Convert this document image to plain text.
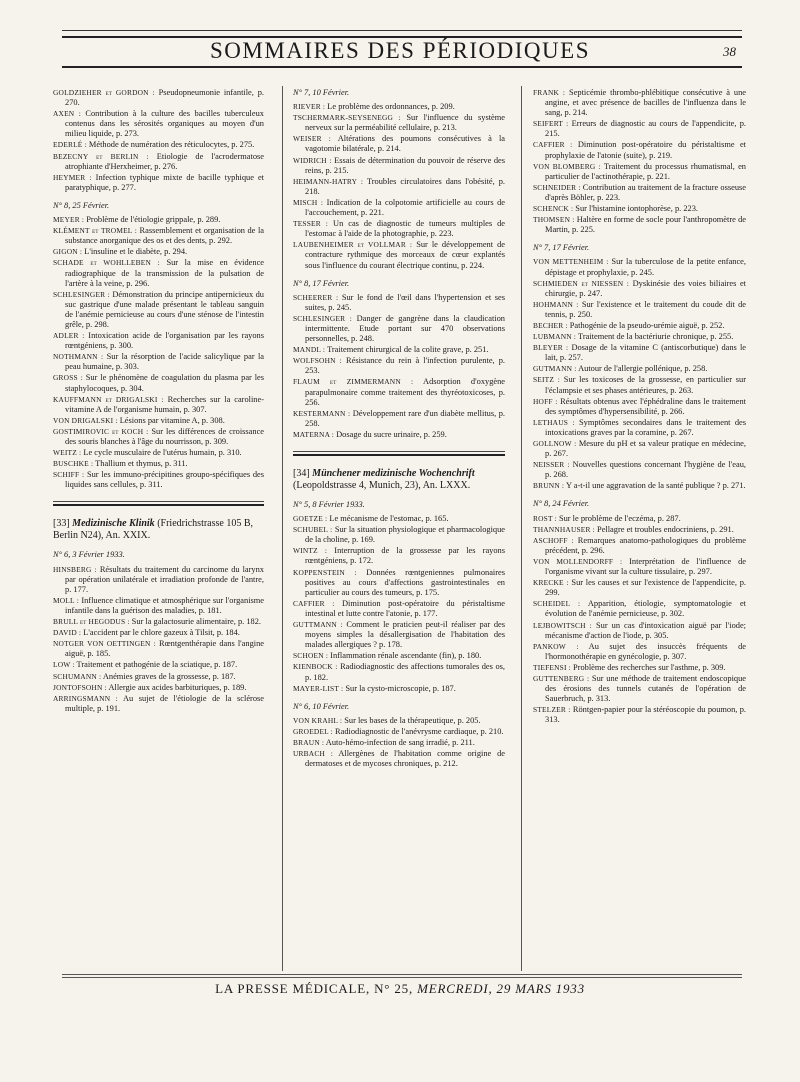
SOMMAIRES DES PÉRIODIQUES	38
GOLDZIEHER et GORDON : Pseudopneumonie infantile, p. 270.
AXEN : Contribution à la culture des bacilles tuberculeux contenus dans les sérosités organiques au moyen d'un milieu liquide, p. 273.
EDERLÉ : Méthode de numération des réticulocytes, p. 275.
BEZECNY et BERLIN : Etiologie de l'acrodermatose atrophiante d'Herxheimer, p. 276.
HEYMER : Infection typhique mixte de bacille typhique et paratyphique, p. 277.
N° 8, 25 Février.
MEYER : Problème de l'étiologie grippale, p. 289.
KLÉMENT et TROMEL : Rassemblement et organisation de la substance anorganique des os et des dents, p. 292.
GIGON : L'insuline et le diabète, p. 294.
SCHADE et WOHLLEBEN : Sur la mise en évidence radiographique de la transmission de la pulsation de l'artère à la veine, p. 296.
SCHLESINGER : Démonstration du principe antipernicieux du suc gastrique d'une malade présentant le tableau sanguin de l'anémie pernicieuse au cours d'une sténose de l'intestin grêle, p. 298.
ADLER : Intoxication acide de l'organisation par les rayons rœntgéniens, p. 300.
NOTHMANN : Sur la résorption de l'acide salicylique par la peau humaine, p. 303.
GROSS : Sur le phénomène de coagulation du plasma par les staphylocoques, p. 304.
KAUFFMANN et DRIGALSKI : Recherches sur la caroline-vitamine A de l'organisme humain, p. 307.
VON DRIGALSKI : Lésions par vitamine A, p. 308.
GOSTIMIROVIC et KOCH : Sur les différences de croissance des souris blanches à l'âge du nourrisson, p. 309.
WEITZ : Le cycle musculaire de l'utérus humain, p. 310.
BUSCHKE : Thallium et thymus, p. 311.
SCHIFF : Sur les immuno-précipitines groupo-spécifiques des liquides sans cellules, p. 311.
[33] Medizinische Klinik (Friedrichstrasse 105 B, Berlin N24), An. XXIX.
N° 6, 3 Février 1933.
HINSBERG : Résultats du traitement du carcinome du larynx par opération unilatérale et irradiation profonde de l'antre, p. 177.
MOLL : Influence climatique et atmosphérique sur l'organisme infantile dans la guérison des maladies, p. 181.
BRULL et HEGODUS : Sur la galactosurie alimentaire, p. 182.
DAVID : L'accident par le chlore gazeux à Tilsit, p. 184.
NOTGER VON OETTINGEN : Rœntgenthérapie dans l'angine aiguë, p. 185.
LOW : Traitement et pathogénie de la sciatique, p. 187.
SCHUMANN : Anémies graves de la grossesse, p. 187.
JONTOFSOHN : Allergie aux acides barbituriques, p. 189.
ARRINGSMANN : Au sujet de l'étiologie de la sclérose multiple, p. 191.
N° 7, 10 Février.
RIEVER : Le problème des ordonnances, p. 209.
TSCHERMARK-SEYSENEGG : Sur l'influence du système nerveux sur la perméabilité cellulaire, p. 213.
WEISER : Altérations des poumons consécutives à la vagotomie bilatérale, p. 214.
WIDRICH : Essais de détermination du pouvoir de réserve des reins, p. 215.
HEIMANN-HATRY : Troubles circulatoires dans l'obésité, p. 218.
MISCH : Indication de la colpotomie artificielle au cours de l'accouchement, p. 221.
TESSER : Un cas de diagnostic de tumeurs multiples de l'estomac à l'aide de la photographie, p. 223.
LAUBENHEIMER et VOLLMAR : Sur le développement de contracture rythmique des morceaux de cœur explantés sous l'influence du courant électrique continu, p. 224.
N° 8, 17 Février.
SCHEERER : Sur le fond de l'œil dans l'hypertension et ses suites, p. 245.
SCHLESINGER : Danger de gangrène dans la claudication intermittente. Etude portant sur 470 observations personnelles, p. 248.
MANDL : Traitement chirurgical de la colite grave, p. 251.
WOLFSOHN : Résistance du rein à l'infection purulente, p. 253.
FLAUM et ZIMMERMANN : Adsorption d'oxygène parapulmonaire comme traitement des thyréotoxicoses, p. 256.
KESTERMANN : Développement rare d'un diabète mellitus, p. 258.
MATERNA : Dosage du sucre urinaire, p. 259.
[34] Münchener medizinische Wochenchrift (Leopoldstrasse 4, Munich, 23), An. LXXX.
N° 5, 8 Février 1933.
GOETZE : Le mécanisme de l'estomac, p. 165.
SCHUBEL : Sur la situation physiologique et pharmacologique de la choline, p. 169.
WINTZ : Interruption de la grossesse par les rayons rœntgéniens, p. 172.
KOPPENSTEIN : Données rœntgeniennes pulmonaires positives au cours d'affections gastrointestinales en particulier au cours des tumeurs, p. 175.
CAFFIER : Diminution post-opératoire du péristaltisme intestinal et lutte contre l'atonie, p. 177.
GUTTMANN : Comment le praticien peut-il réaliser par des moyens simples la désallergisation de l'habitation des malades allergiques ? p. 178.
SCHOEN : Inflammation rénale ascendante (fin), p. 180.
KIENBOCK : Radiodiagnostic des affections tumorales des os, p. 182.
MAYER-LIST : Sur la cysto-microscopie, p. 187.
N° 6, 10 Février.
VON KRAHL : Sur les bases de la thérapeutique, p. 205.
GROEDEL : Radiodiagnostic de l'anévrysme cardiaque, p. 210.
BRAUN : Auto-hémo-infection de sang irradié, p. 211.
URBACH : Allergènes de l'habitation comme origine de dermatoses et de mycoses chroniques, p. 212.
FRANK : Septicémie thrombo-phlébitique consécutive à une angine, et avec présence de bacilles de l'influenza dans le sang, p. 214.
SEIFERT : Erreurs de diagnostic au cours de l'appendicite, p. 215.
CAFFIER : Diminution post-opératoire du péristaltisme et prophylaxie de l'atonie (suite), p. 219.
VON BLOMBERG : Traitement du processus rhumatismal, en particulier de l'actinothérapie, p. 221.
SCHNEIDER : Contribution au traitement de la fracture osseuse d'après Böhler, p. 223.
SCHENCK : Sur l'histamine iontophorèse, p. 223.
THOMSEN : Haltère en forme de socle pour l'anthropomètre de Martin, p. 225.
N° 7, 17 Février.
VON METTENHEIM : Sur la tuberculose de la petite enfance, dépistage et prophylaxie, p. 245.
SCHMIEDEN et NIESSEN : Dyskinésie des voies biliaires et chirurgie, p. 247.
HOHMANN : Sur l'existence et le traitement du coude dit de tennis, p. 250.
BECHER : Pathogénie de la pseudo-urémie aiguë, p. 252.
LUBMANN : Traitement de la bactériurie chronique, p. 255.
BLEYER : Dosage de la vitamine C (antiscorbutique) dans le lait, p. 257.
GUTMANN : Autour de l'allergie pollénique, p. 258.
SEITZ : Sur les toxicoses de la grossesse, en particulier sur l'éclampsie et ses phases antérieures, p. 263.
HOFF : Résultats obtenus avec l'éphédraline dans le traitement des symptômes d'hypersensibilité, p. 266.
LETHAUS : Symptômes secondaires dans le traitement des intoxications graves par la coramine, p. 267.
GOLLNOW : Mesure du pH et sa valeur pratique en médecine, p. 267.
NEISSER : Nouvelles questions concernant l'hygiène de l'eau, p. 268.
BRUNN : Y a-t-il une aggravation de la santé publique ? p. 271.
N° 8, 24 Février.
ROST : Sur le problème de l'eczéma, p. 287.
THANNHAUSER : Pellagre et troubles endocriniens, p. 291.
ASCHOFF : Remarques anatomo-pathologiques du problème précédent, p. 296.
VON MOLLENDORFF : Interprétation de l'influence de l'organisme vivant sur la culture tissulaire, p. 297.
KRECKE : Sur les causes et sur l'existence de l'appendicite, p. 299.
SCHEIDEL : Apparition, étiologie, symptomatologie et évolution de l'anémie pernicieuse, p. 302.
LEJBOWITSCH : Sur un cas d'intoxication aiguë par l'iode; mécanisme d'action de l'iode, p. 305.
PANKOW : Au sujet des insuccès fréquents de l'hormonothérapie en gynécologie, p. 307.
TIEFENSI : Problème des recherches sur l'asthme, p. 309.
GUTTENBERG : Sur une méthode de traitement endoscopique des érosions des tunnels cutanés de l'opération de Sauerbruch, p. 313.
STELZER : Röntgen-papier pour la stéréoscopie du poumon, p. 313.
LA PRESSE MÉDICALE, N° 25, MERCREDI, 29 MARS 1933
